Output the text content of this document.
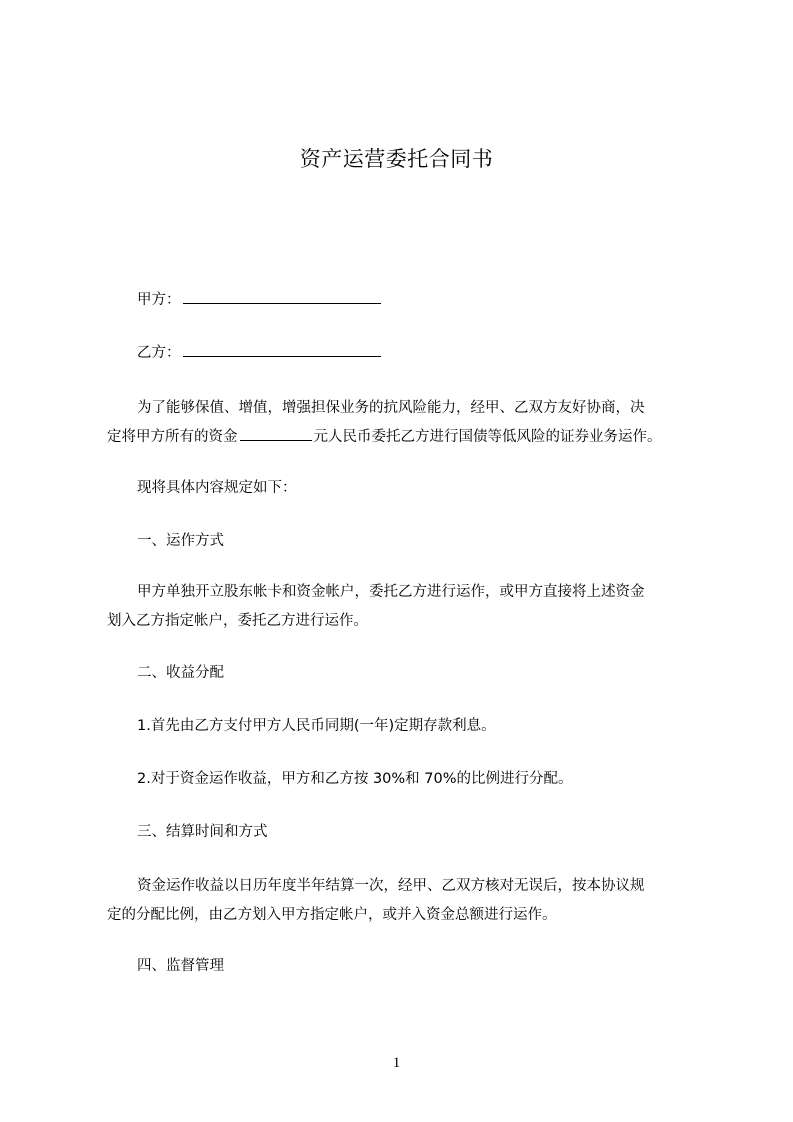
资产运营委托合同书
甲方：
乙方：
为了能够保值、增值，增强担保业务的抗风险能力，经甲、乙双方友好协商，决
定将甲方所有的资金	元人民币委托乙方进行国债等低风险的证券业务运作。
现将具体内容规定如下：
一、运作方式
甲方单独开立股东帐卡和资金帐户，委托乙方进行运作，或甲方直接将上述资金
划入乙方指定帐户，委托乙方进行运作。
二、收益分配
1.首先由乙方支付甲方人民币同期(一年)定期存款利息。
2.对于资金运作收益，甲方和乙方按 30%和 70%的比例进行分配。
三、结算时间和方式
资金运作收益以日历年度半年结算一次，经甲、乙双方核对无误后，按本协议规
定的分配比例，由乙方划入甲方指定帐户，或并入资金总额进行运作。
四、监督管理
1
